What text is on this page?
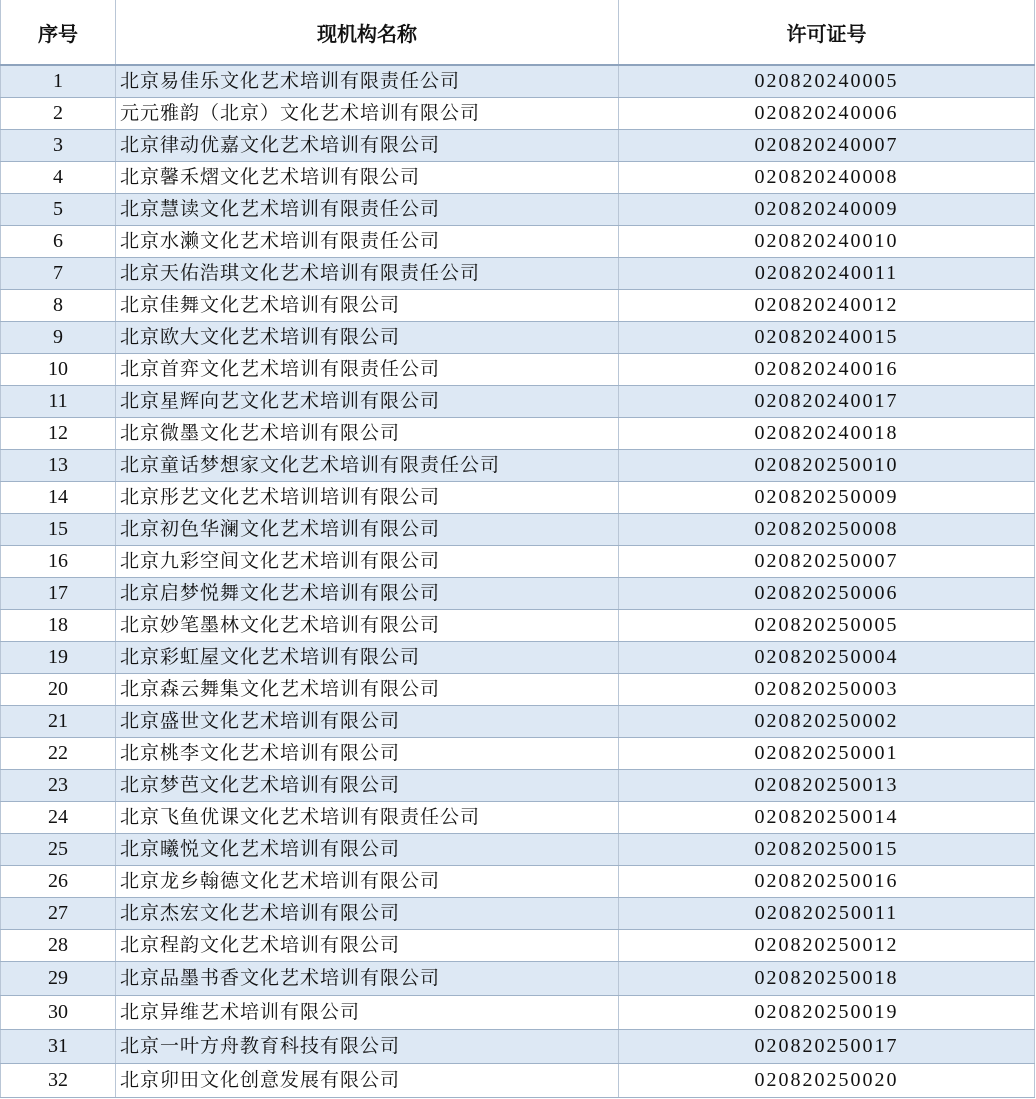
序号	现机构名称	许可证号
1	北京易佳乐文化艺术培训有限责任公司	020820240005
2	元元雅韵（北京）文化艺术培训有限公司	020820240006
3	北京律动优嘉文化艺术培训有限公司	020820240007
4	北京馨禾熠文化艺术培训有限公司	020820240008
5	北京慧读文化艺术培训有限责任公司	020820240009
6	北京水濑文化艺术培训有限责任公司	020820240010
7	北京天佑浩琪文化艺术培训有限责任公司	020820240011
8	北京佳舞文化艺术培训有限公司	020820240012
9	北京欧大文化艺术培训有限公司	020820240015
10	北京首弈文化艺术培训有限责任公司	020820240016
11	北京星辉向艺文化艺术培训有限公司	020820240017
12	北京微墨文化艺术培训有限公司	020820240018
13	北京童话梦想家文化艺术培训有限责任公司	020820250010
14	北京彤艺文化艺术培训培训有限公司	020820250009
15	北京初色华澜文化艺术培训有限公司	020820250008
16	北京九彩空间文化艺术培训有限公司	020820250007
17	北京启梦悦舞文化艺术培训有限公司	020820250006
18	北京妙笔墨林文化艺术培训有限公司	020820250005
19	北京彩虹屋文化艺术培训有限公司	020820250004
20	北京森云舞集文化艺术培训有限公司	020820250003
21	北京盛世文化艺术培训有限公司	020820250002
22	北京桃李文化艺术培训有限公司	020820250001
23	北京梦芭文化艺术培训有限公司	020820250013
24	北京飞鱼优课文化艺术培训有限责任公司	020820250014
25	北京曦悦文化艺术培训有限公司	020820250015
26	北京龙乡翰德文化艺术培训有限公司	020820250016
27	北京杰宏文化艺术培训有限公司	020820250011
28	北京程韵文化艺术培训有限公司	020820250012
29	北京品墨书香文化艺术培训有限公司	020820250018
30	北京异维艺术培训有限公司	020820250019
31	北京一叶方舟教育科技有限公司	020820250017
32	北京卯田文化创意发展有限公司	020820250020
